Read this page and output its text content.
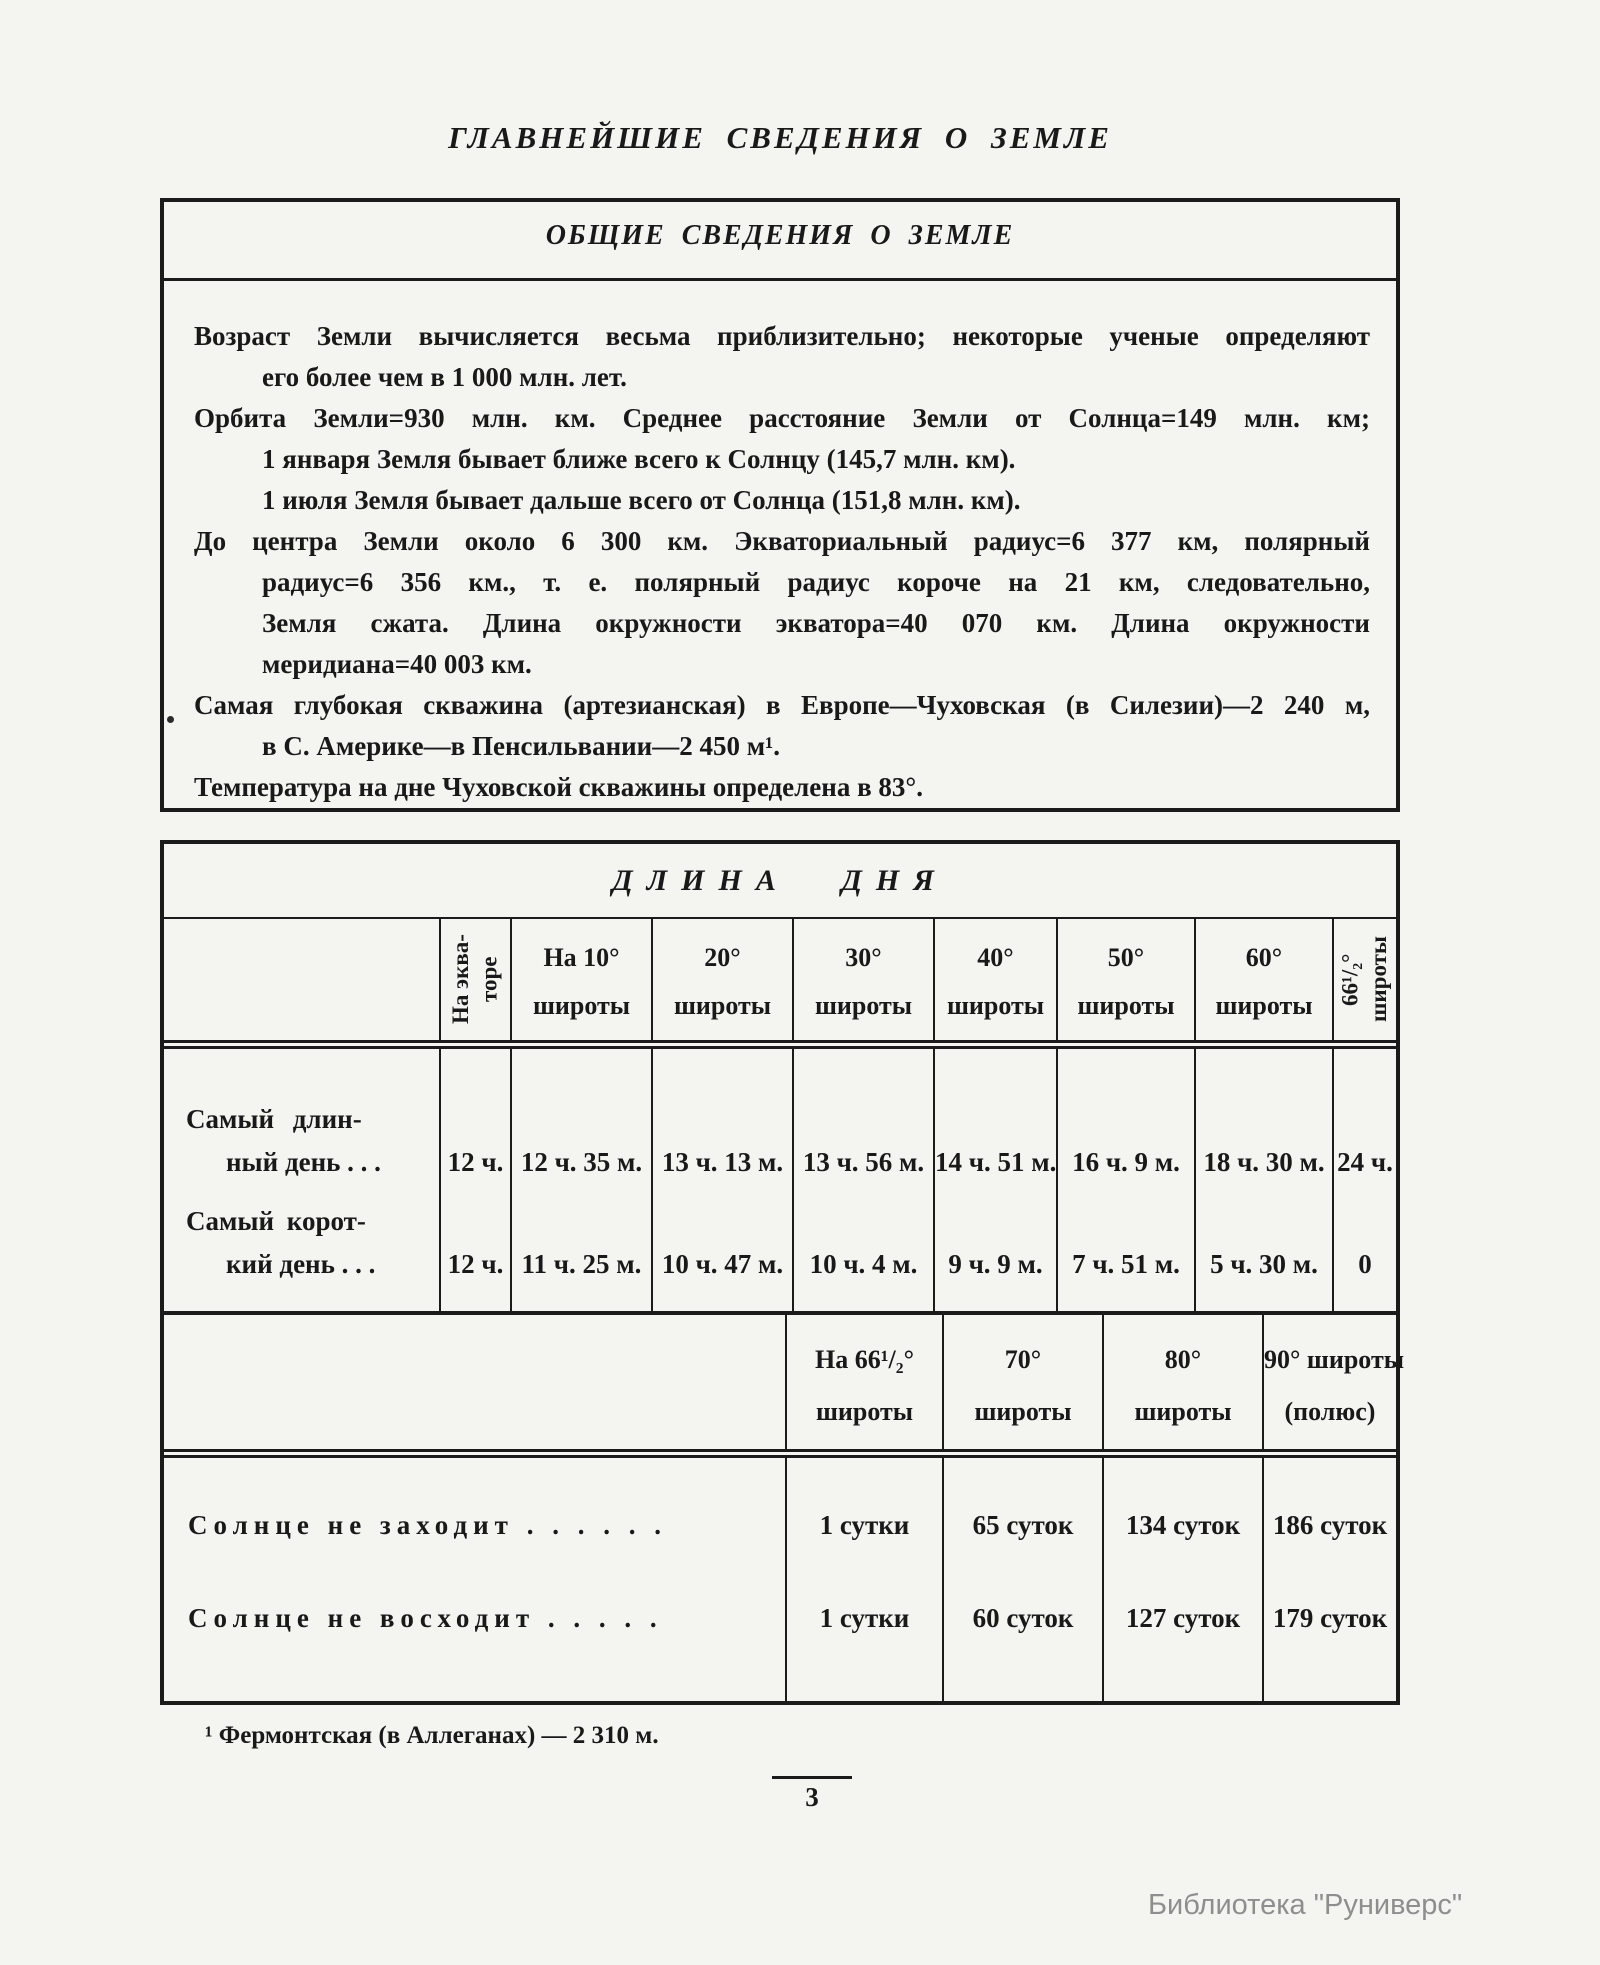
ГЛАВНЕЙШИЕ СВЕДЕНИЯ О ЗЕМЛЕ
ОБЩИЕ СВЕДЕНИЯ О ЗЕМЛЕ
Возраст Земли вычисляется весьма приблизительно; некоторые ученые определяют
его более чем в 1 000 млн. лет.
Орбита Земли=930 млн. км. Среднее расстояние Земли от Солнца=149 млн. км;
1 января Земля бывает ближе всего к Солнцу (145,7 млн. км).
1 июля Земля бывает дальше всего от Солнца (151,8 млн. км).
До центра Земли около 6 300 км. Экваториальный радиус=6 377 км, полярный
радиус=6 356 км., т. е. полярный радиус короче на 21 км, следовательно,
Земля сжата. Длина окружности экватора=40 070 км. Длина окружности
меридиана=40 003 км.
Самая глубокая скважина (артезианская) в Европе—Чуховская (в Силезии)—2 240 м,
в С. Америке—в Пенсильвании—2 450 м¹.
Температура на дне Чуховской скважины определена в 83°.
ДЛИНА ДНЯ
На эква- торе	На 10°
широты
20°
широты
30°
широты
40°
широты
50°
широты
60°
широты	66¹/₂° широты
Самый длин-
ный день . . .
Самый корот-
кий день . . .
12 ч.
12 ч.
12 ч. 35 м.
11 ч. 25 м.
13 ч. 13 м.
10 ч. 47 м.
13 ч. 56 м.
10 ч. 4 м.
14 ч. 51 м.
9 ч. 9 м.
16 ч. 9 м.
7 ч. 51 м.
18 ч. 30 м.
5 ч. 30 м.
24 ч.
0
На 66¹/₂°
широты
70°
широты
80°
широты
90° широты
(полюс)
Солнце не заходит . . . . . .
Солнце не восходит . . . . .
1 сутки
1 сутки
65 суток
60 суток
134 суток
127 суток
186 суток
179 суток
¹ Фермонтская (в Аллеганах) — 2 310 м.
3
Библиотека "Руниверс"
